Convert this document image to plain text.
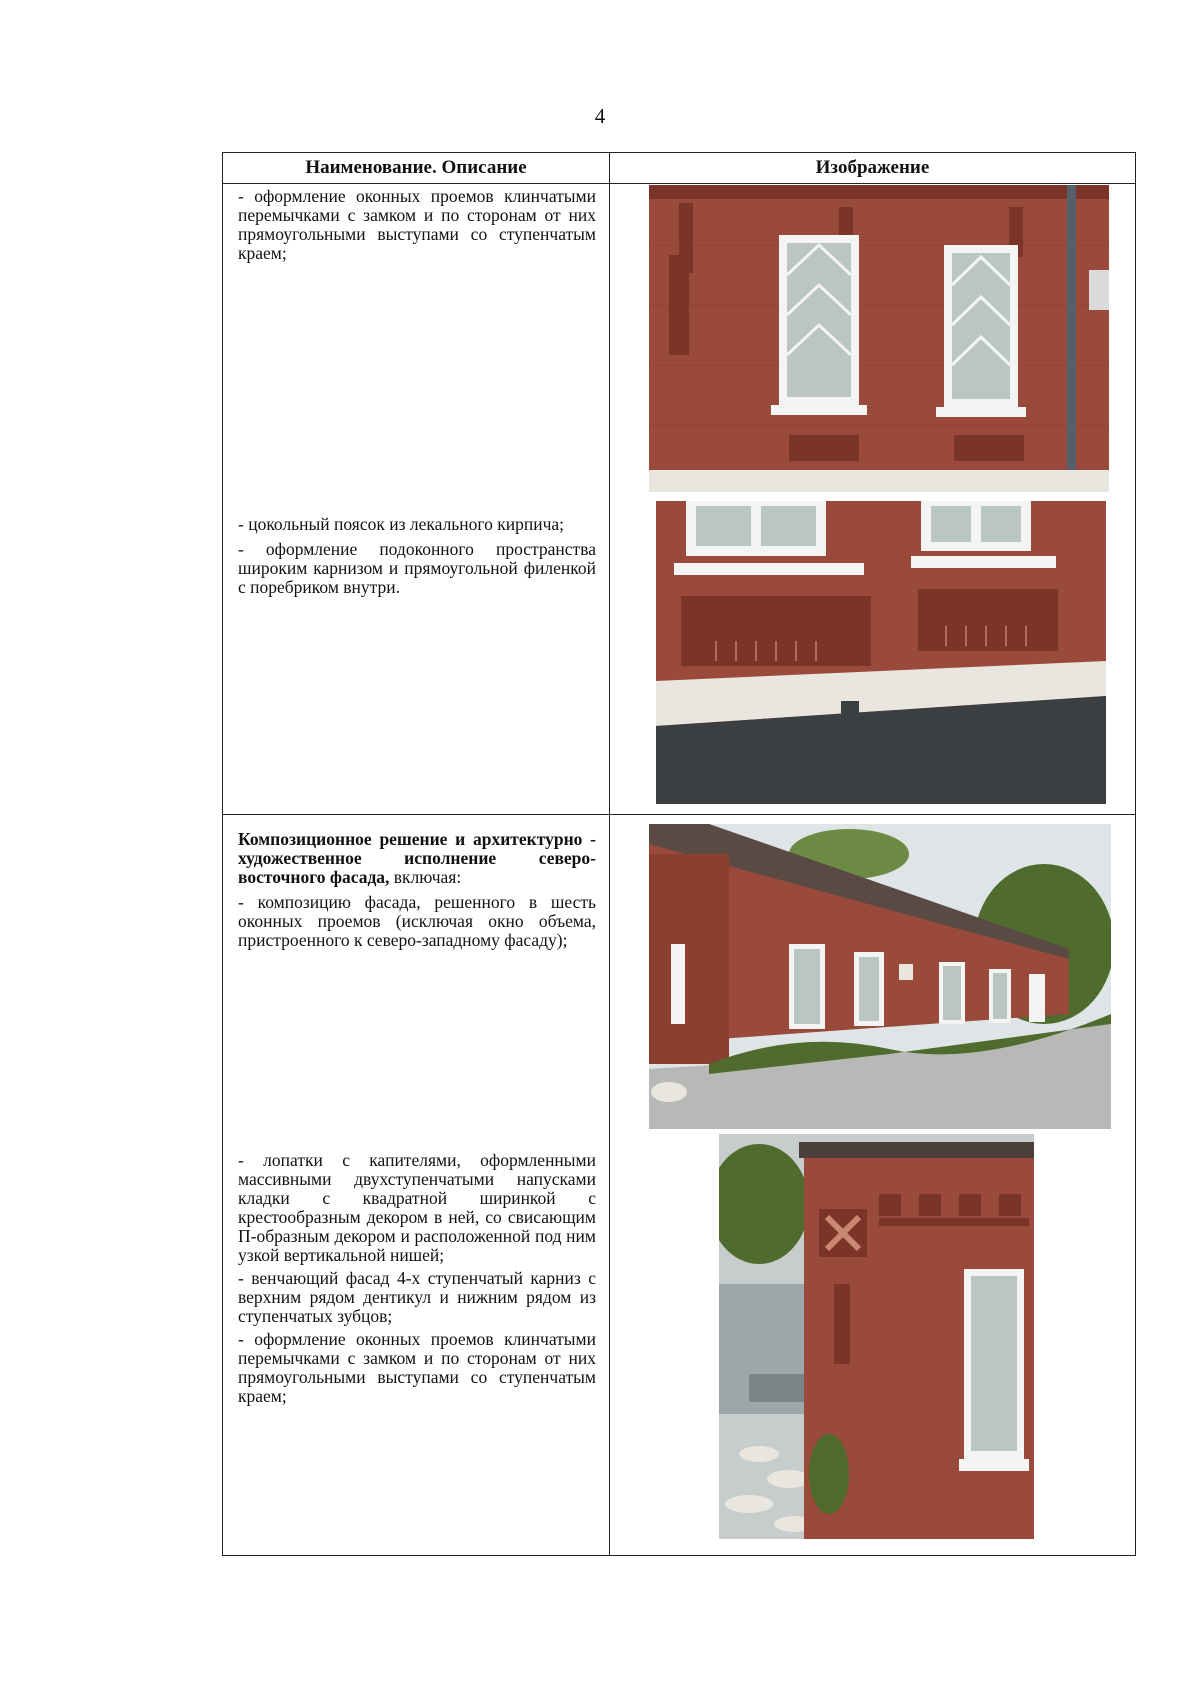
4
Наименование. Описание	Изображение

- оформление оконных проемов клинчатыми перемычками с замком и по сторонам от них прямоугольными выступами со ступенчатым краем;

- цокольный поясок из лекального кирпича;

- оформление подоконного пространства широким карнизом и прямоугольной филенкой с поребриком внутри.

Композиционное решение и архитектурно - художественное исполнение северо-восточного фасада, включая:

- композицию фасада, решенного в шесть оконных проемов (исключая окно объема, пристроенного к северо-западному фасаду);

- лопатки с капителями, оформленными массивными двухступенчатыми напусками кладки с квадратной ширинкой с крестообразным декором в ней, со свисающим П-образным декором и расположенной под ним узкой вертикальной нишей;

- венчающий фасад 4-х ступенчатый карниз с верхним рядом дентикул и нижним рядом из ступенчатых зубцов;

- оформление оконных проемов клинчатыми перемычками с замком и по сторонам от них прямоугольными выступами со ступенчатым краем;
